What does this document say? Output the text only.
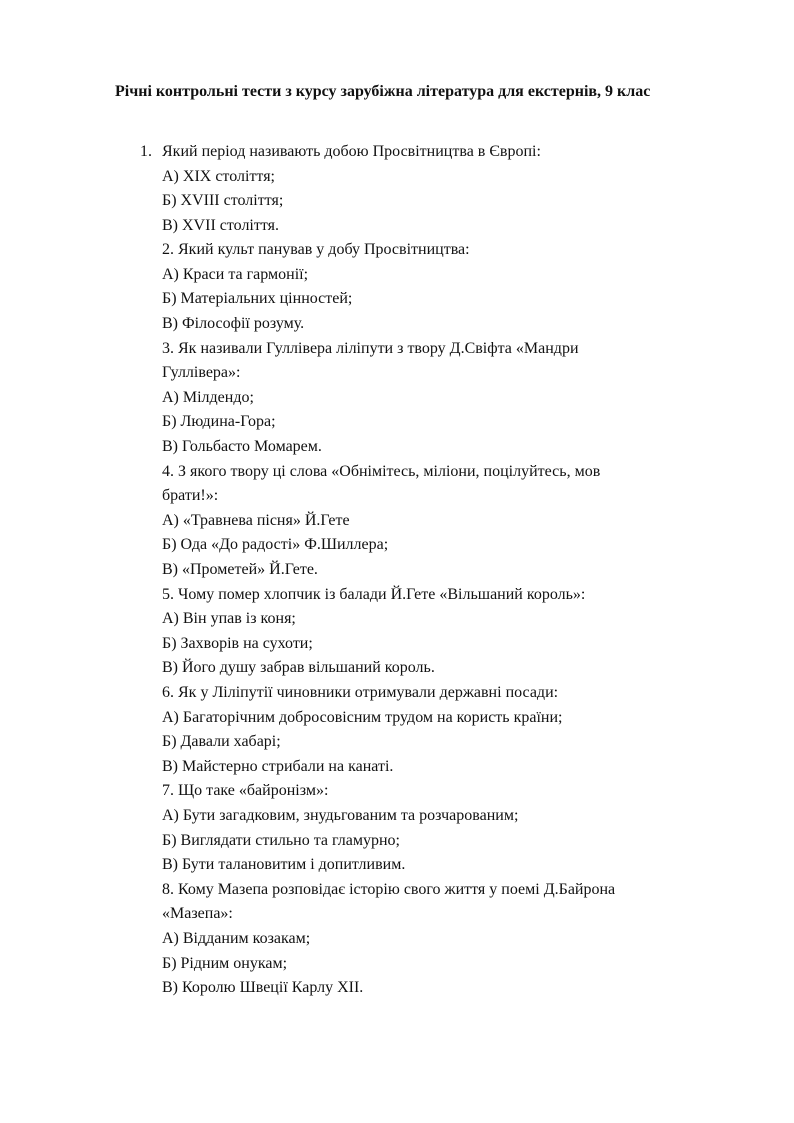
Річні контрольні тести з курсу зарубіжна література для екстернів, 9 клас

1. Який період називають добою Просвітництва в Європі:
А) XIX століття;
Б) XVIII століття;
В) XVII століття.
2. Який культ панував у добу Просвітництва:
А) Краси та гармонії;
Б) Матеріальних цінностей;
В) Філософії розуму.
3. Як називали Гуллівера ліліпути з твору Д.Свіфта «Мандри
Гуллівера»:
А) Мілдендо;
Б) Людина-Гора;
В) Гольбасто Момарем.
4. З якого твору ці слова «Обнімітесь, міліони, поцілуйтесь, мов
брати!»:
А) «Травнева пісня» Й.Гете
Б) Ода «До радості» Ф.Шиллера;
В) «Прометей» Й.Гете.
5. Чому помер хлопчик із балади Й.Гете «Вільшаний король»:
А) Він упав із коня;
Б) Захворів на сухоти;
В) Його душу забрав вільшаний король.
6. Як у Ліліпутії чиновники отримували державні посади:
А) Багаторічним добросовісним трудом на користь країни;
Б) Давали хабарі;
В) Майстерно стрибали на канаті.
7. Що таке «байронізм»:
А) Бути загадковим, знудьгованим та розчарованим;
Б) Виглядати стильно та гламурно;
В) Бути талановитим і допитливим.
8. Кому Мазепа розповідає історію свого життя у поемі Д.Байрона
«Мазепа»:
А) Відданим козакам;
Б) Рідним онукам;
В) Королю Швеції Карлу XII.
